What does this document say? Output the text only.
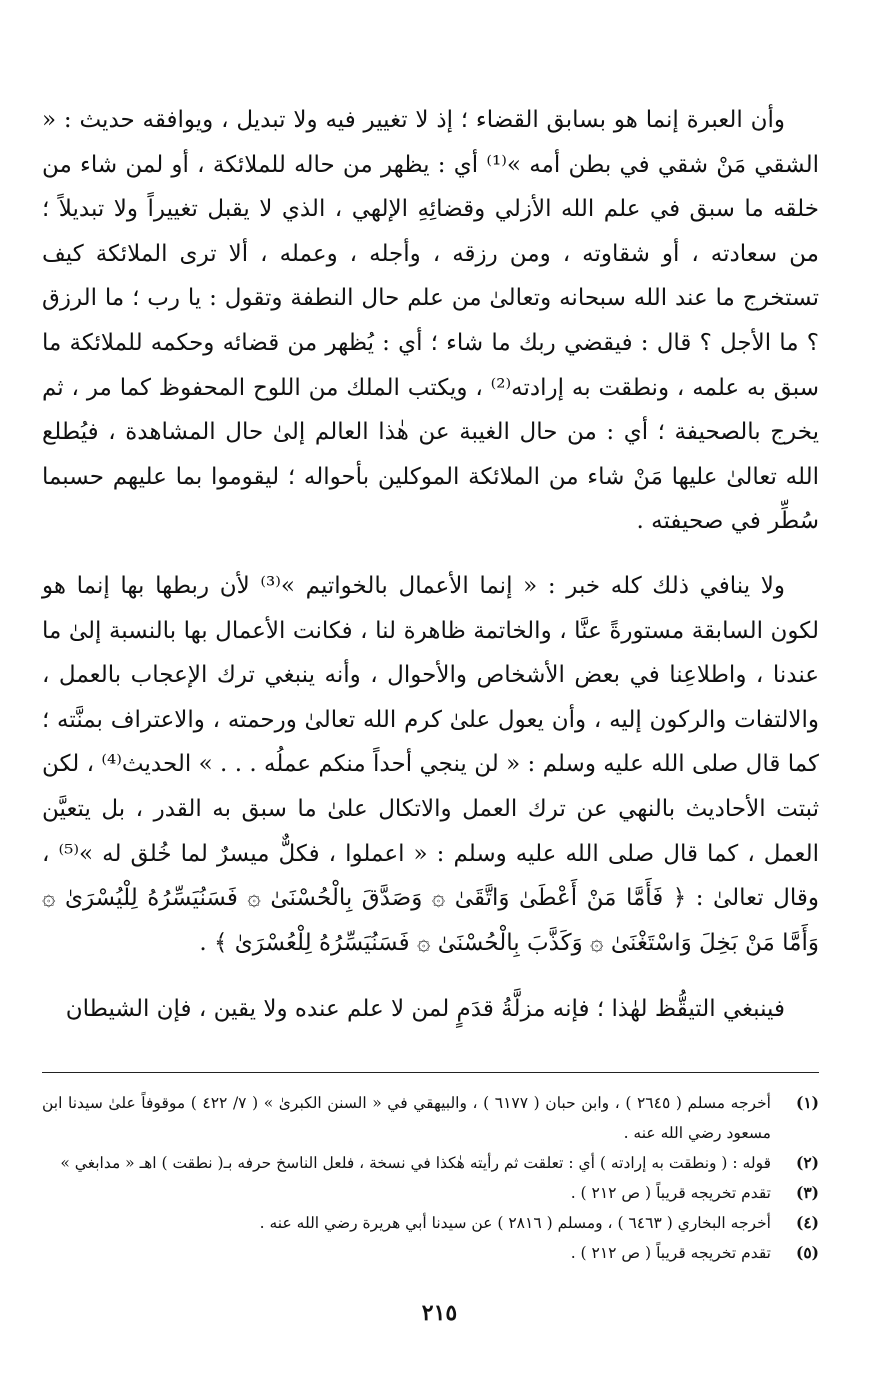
وأن العبرة إنما هو بسابق القضاء ؛ إذ لا تغيير فيه ولا تبديل ، ويوافقه حديث : « الشقي مَنْ شقي في بطن أمه »⁽¹⁾ أي : يظهر من حاله للملائكة ، أو لمن شاء من خلقه ما سبق في علم الله الأزلي وقضائِهِ الإلهي ، الذي لا يقبل تغييراً ولا تبديلاً ؛ من سعادته ، أو شقاوته ، ومن رزقه ، وأجله ، وعمله ، ألا ترى الملائكة كيف تستخرج ما عند الله سبحانه وتعالىٰ من علم حال النطفة وتقول : يا رب ؛ ما الرزق ؟ ما الأجل ؟ قال : فيقضي ربك ما شاء ؛ أي : يُظهر من قضائه وحكمه للملائكة ما سبق به علمه ، ونطقت به إرادته⁽²⁾ ، ويكتب الملك من اللوح المحفوظ كما مر ، ثم يخرج بالصحيفة ؛ أي : من حال الغيبة عن هٰذا العالم إلىٰ حال المشاهدة ، فيُطلع الله تعالىٰ عليها مَنْ شاء من الملائكة الموكلين بأحواله ؛ ليقوموا بما عليهم حسبما سُطِّر في صحيفته .

ولا ينافي ذلك كله خبر : « إنما الأعمال بالخواتيم »⁽³⁾ لأن ربطها بها إنما هو لكون السابقة مستورةً عنَّا ، والخاتمة ظاهرة لنا ، فكانت الأعمال بها بالنسبة إلىٰ ما عندنا ، واطلاعِنا في بعض الأشخاص والأحوال ، وأنه ينبغي ترك الإعجاب بالعمل ، والالتفات والركون إليه ، وأن يعول علىٰ كرم الله تعالىٰ ورحمته ، والاعتراف بمنَّته ؛ كما قال صلى الله عليه وسلم : « لن ينجي أحداً منكم عملُه . . . » الحديث⁽⁴⁾ ، لكن ثبتت الأحاديث بالنهي عن ترك العمل والاتكال علىٰ ما سبق به القدر ، بل يتعيَّن العمل ، كما قال صلى الله عليه وسلم : « اعملوا ، فكلٌّ ميسرٌ لما خُلق له »⁽⁵⁾ ، وقال تعالىٰ : ﴿ فَأَمَّا مَنْ أَعْطَىٰ وَاتَّقَىٰ ۞ وَصَدَّقَ بِالْحُسْنَىٰ ۞ فَسَنُيَسِّرُهُ لِلْيُسْرَىٰ ۞ وَأَمَّا مَنْ بَخِلَ وَاسْتَغْنَىٰ ۞ وَكَذَّبَ بِالْحُسْنَىٰ ۞ فَسَنُيَسِّرُهُ لِلْعُسْرَىٰ ﴾ .

فينبغي التيقُّظ لهٰذا ؛ فإنه مزلَّةُ قدَمٍ لمن لا علم عنده ولا يقين ، فإن الشيطان

(١)
أخرجه مسلم ( ٢٦٤٥ ) ، وابن حبان ( ٦١٧٧ ) ، والبيهقي في « السنن الكبرىٰ » ( ٧/ ٤٢٢ ) موقوفاً علىٰ سيدنا ابن مسعود رضي الله عنه .
(٢)
قوله : ( ونطقت به إرادته ) أي : تعلقت ثم رأيته هٰكذا في نسخة ، فلعل الناسخ حرفه بـ( نطقت ) اهـ « مدابغي »
(٣)
تقدم تخريجه قريباً ( ص ٢١٢ ) .
(٤)
أخرجه البخاري ( ٦٤٦٣ ) ، ومسلم ( ٢٨١٦ ) عن سيدنا أبي هريرة رضي الله عنه .
(٥)
تقدم تخريجه قريباً ( ص ٢١٢ ) .
٢١٥
